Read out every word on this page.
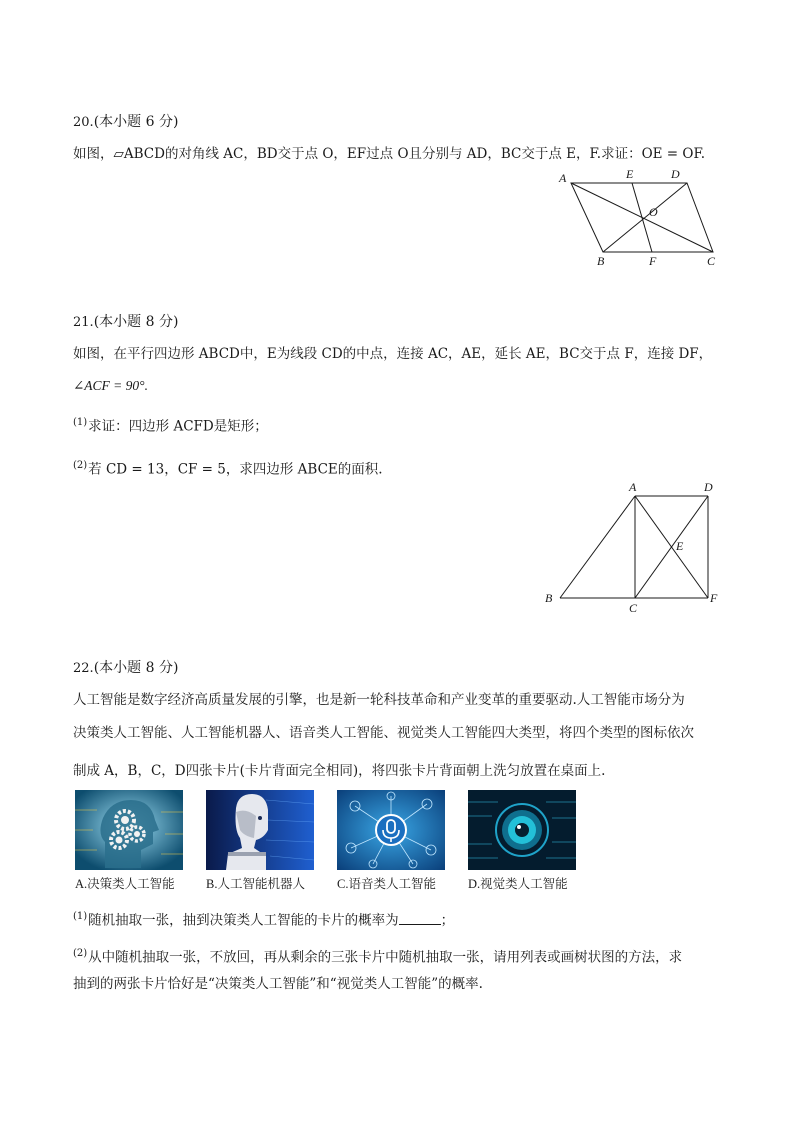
20.(本小题 6 分)
如图，▱ABCD的对角线 AC，BD交于点 O，EF过点 O且分别与 AD，BC交于点 E，F.求证：OE = OF.
A	E	D
O
B	F	C
21.(本小题 8 分)
如图，在平行四边形 ABCD中，E为线段 CD的中点，连接 AC，AE，延长 AE，BC交于点 F，连接 DF，
∠ACF = 90°.
$^{(1)}$求证：四边形 ACFD是矩形；
$^{(2)}$若 CD = 13，CF = 5，求四边形 ABCE的面积.
A	D
E
B
C
F
22.(本小题 8 分)
人工智能是数字经济高质量发展的引擎，也是新一轮科技革命和产业变革的重要驱动.人工智能市场分为
决策类人工智能、人工智能机器人、语音类人工智能、视觉类人工智能四大类型，将四个类型的图标依次
制成 A，B，C，D四张卡片(卡片背面完全相同)，将四张卡片背面朝上洗匀放置在桌面上.
A.决策类人工智能	B.人工智能机器人	C.语音类人工智能	D.视觉类人工智能
$^{(1)}$随机抽取一张，抽到决策类人工智能的卡片的概率为	；
$^{(2)}$从中随机抽取一张，不放回，再从剩余的三张卡片中随机抽取一张，请用列表或画树状图的方法，求
抽到的两张卡片恰好是“决策类人工智能”和“视觉类人工智能”的概率.
